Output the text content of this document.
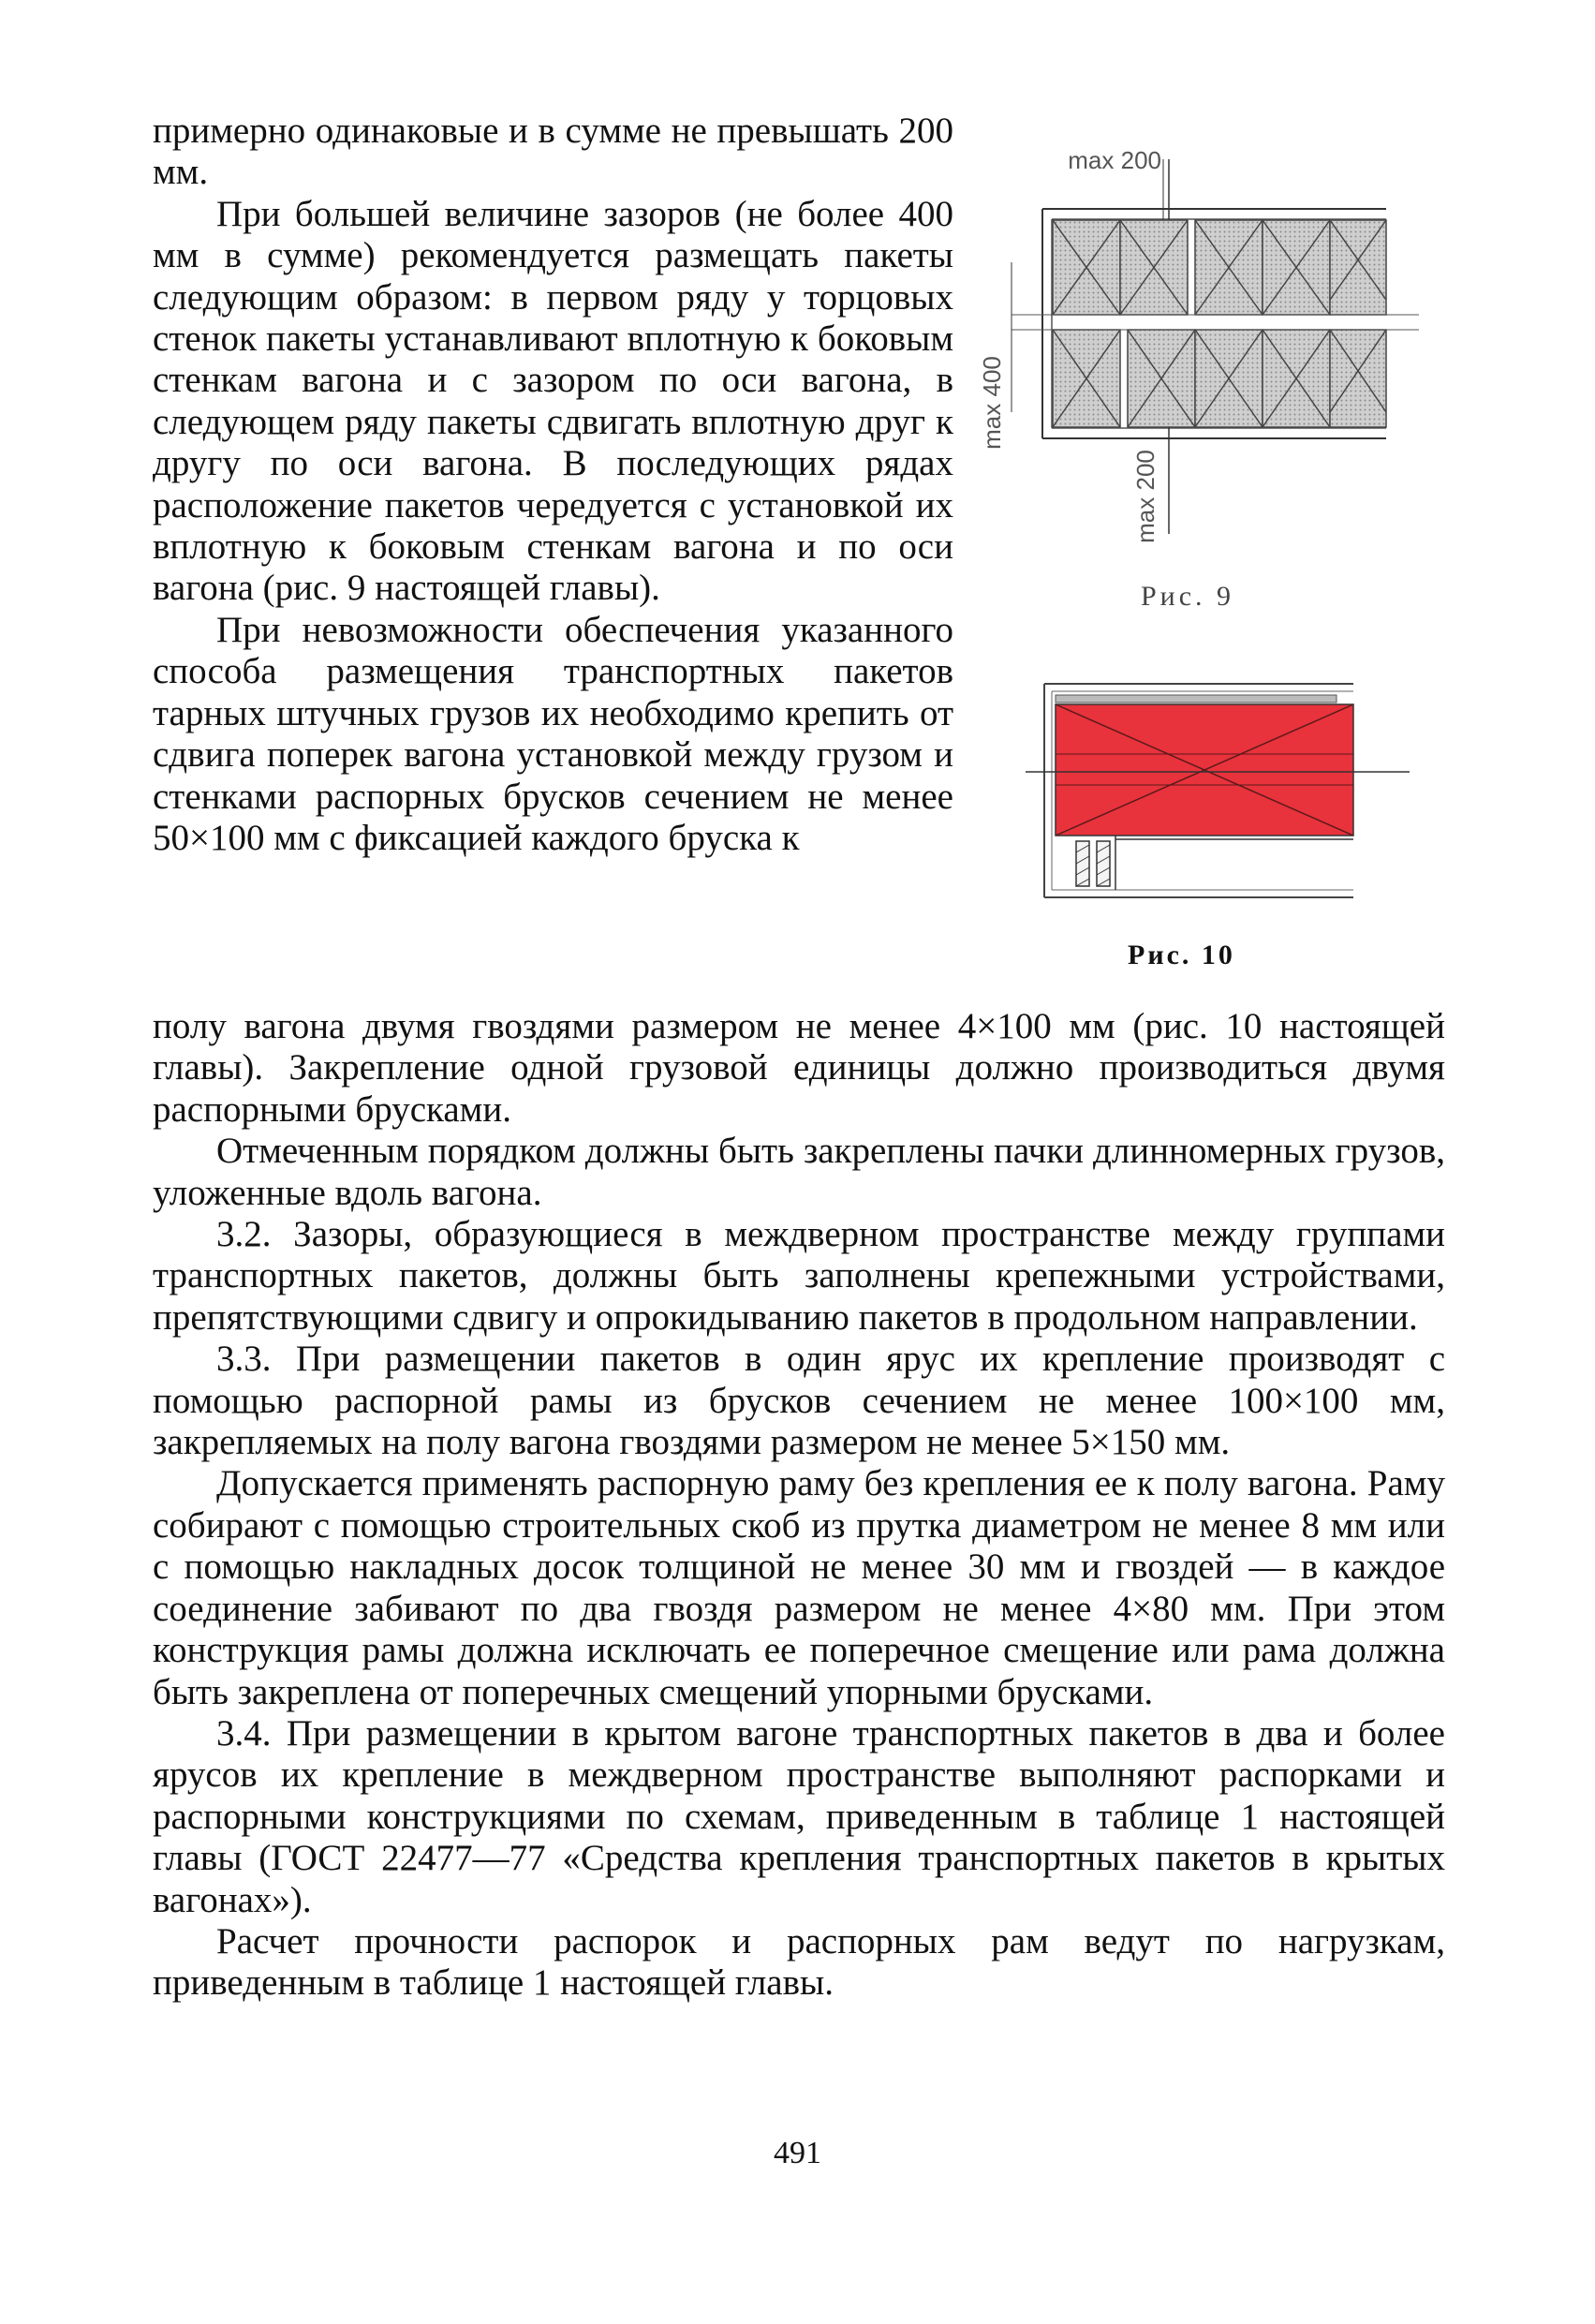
примерно одинаковые и в сумме не превышать 200 мм.

При большей величине зазоров (не более 400 мм в сумме) рекомендуется размещать пакеты следующим образом: в первом ряду у торцовых стенок пакеты устанавливают вплотную к боковым стенкам вагона и с зазором по оси вагона, в следующем ряду пакеты сдвигать вплотную друг к другу по оси вагона. В последующих рядах расположение пакетов чередуется с установкой их вплотную к боковым стенкам вагона и по оси вагона (рис. 9 настоящей главы).

При невозможности обеспечения указанного способа размещения транспортных пакетов тарных штучных грузов их необходимо крепить от сдвига поперек вагона установкой между грузом и стенками распорных брусков сечением не менее 50×100 мм с фиксацией каждого бруска к

полу вагона двумя гвоздями размером не менее 4×100 мм (рис. 10 настоящей главы). Закрепление одной грузовой единицы должно производиться двумя распорными брусками.

Отмеченным порядком должны быть закреплены пачки длинномерных грузов, уложенные вдоль вагона.

3.2. Зазоры, образующиеся в междверном пространстве между группами транспортных пакетов, должны быть заполнены крепежными устройствами, препятствующими сдвигу и опрокидыванию пакетов в продольном направлении.

3.3. При размещении пакетов в один ярус их крепление производят с помощью распорной рамы из брусков сечением не менее 100×100 мм, закрепляемых на полу вагона гвоздями размером не менее 5×150 мм.

Допускается применять распорную раму без крепления ее к полу вагона. Раму собирают с помощью строительных скоб из прутка диаметром не менее 8 мм или с помощью накладных досок толщиной не менее 30 мм и гвоздей — в каждое соединение забивают по два гвоздя размером не менее 4×80 мм. При этом конструкция рамы должна исключать ее поперечное смещение или рама должна быть закреплена от поперечных смещений упорными брусками.

3.4. При размещении в крытом вагоне транспортных пакетов в два и более ярусов их крепление в междверном пространстве выполняют распорками и распорными конструкциями по схемам, приведенным в таблице 1 настоящей главы (ГОСТ 22477—77 «Средства крепления транспортных пакетов в крытых вагонах»).

Расчет прочности распорок и распорных рам ведут по нагрузкам, приведенным в таблице 1 настоящей главы.

max 200
max 400
max 200
Рис. 9
Рис. 10
491
